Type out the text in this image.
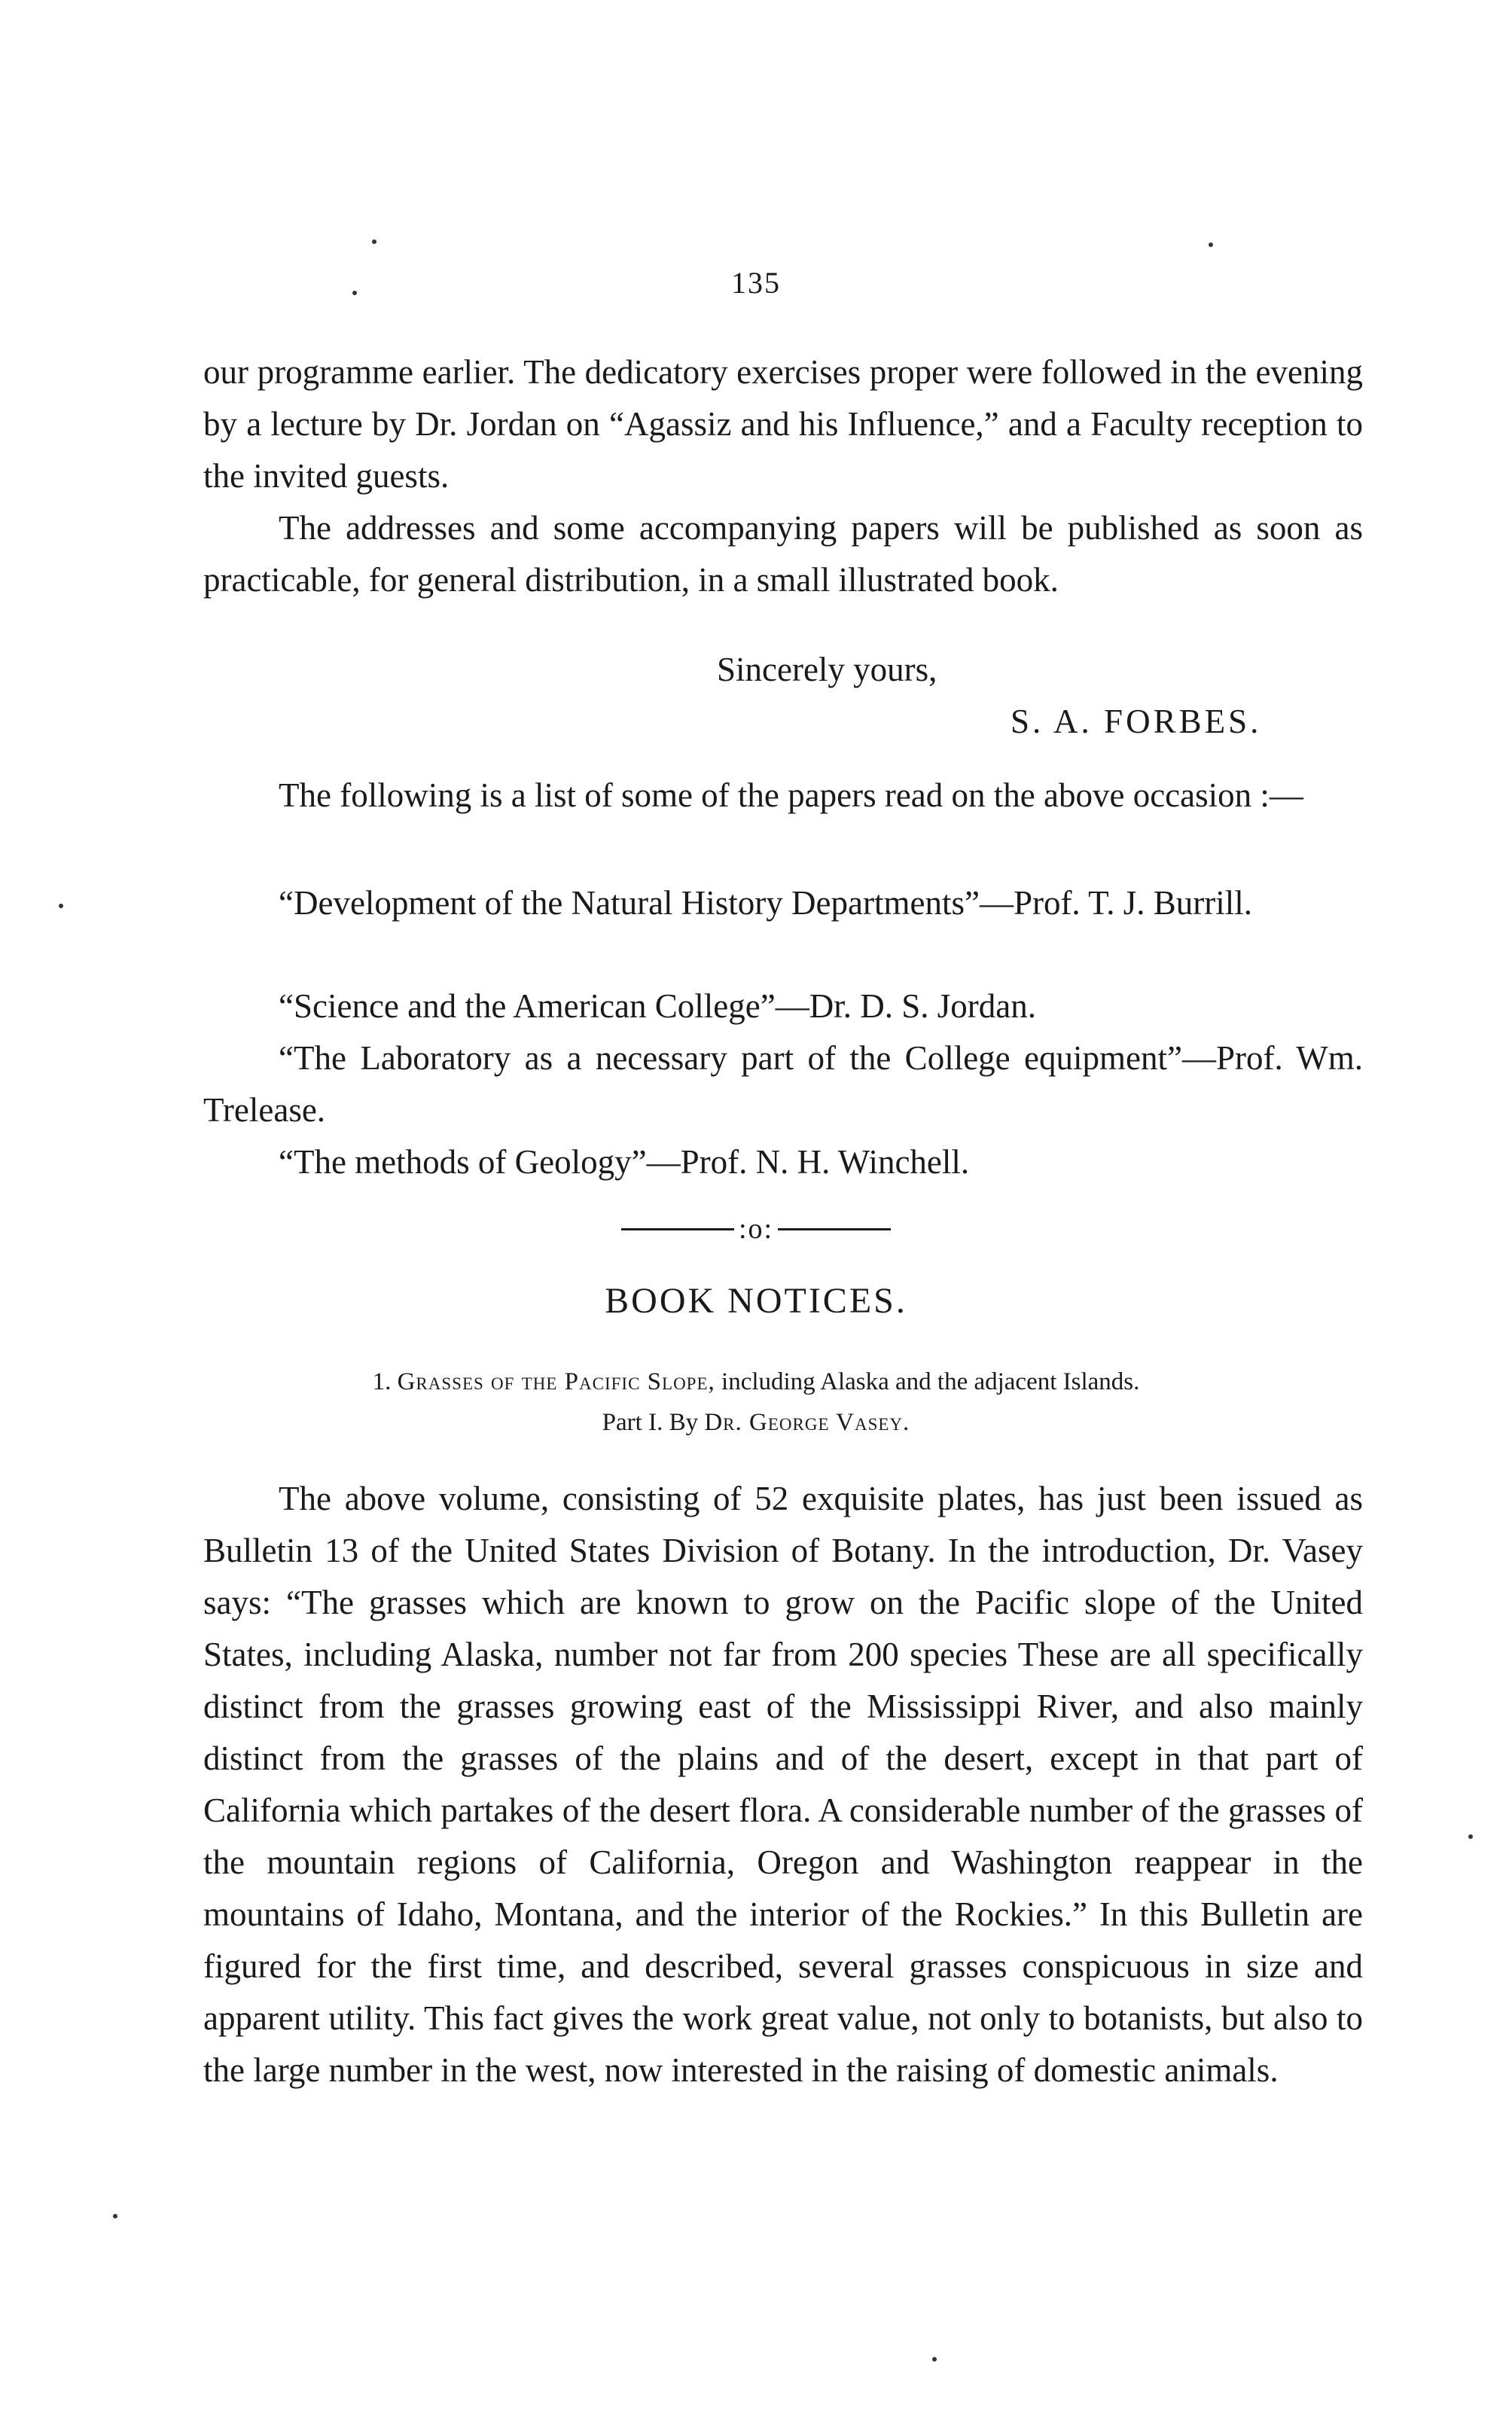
135

our programme earlier. The dedicatory exercises proper were followed in the evening by a lecture by Dr. Jordan on “Agassiz and his Influence,” and a Faculty reception to the invited guests.

The addresses and some accompanying papers will be published as soon as practicable, for general distribution, in a small illustrated book.

Sincerely yours,
S. A. FORBES.

The following is a list of some of the papers read on the above occasion :—

“Development of the Natural History Departments”—Prof. T. J. Burrill.

“Science and the American College”—Dr. D. S. Jordan.

“The Laboratory as a necessary part of the College equipment”—Prof. Wm. Trelease.

“The methods of Geology”—Prof. N. H. Winchell.

:o:
BOOK NOTICES.
1. Grasses of the Pacific Slope, including Alaska and the adjacent Islands.
Part I. By Dr. George Vasey.

The above volume, consisting of 52 exquisite plates, has just been issued as Bulletin 13 of the United States Division of Botany. In the introduction, Dr. Vasey says: “The grasses which are known to grow on the Pacific slope of the United States, including Alaska, number not far from 200 species These are all specifically distinct from the grasses growing east of the Mississippi River, and also mainly distinct from the grasses of the plains and of the desert, except in that part of California which partakes of the desert flora. A considerable number of the grasses of the mountain regions of California, Oregon and Washington reappear in the mountains of Idaho, Montana, and the interior of the Rockies.” In this Bulletin are figured for the first time, and described, several grasses conspicuous in size and apparent utility. This fact gives the work great value, not only to botanists, but also to the large number in the west, now interested in the raising of domestic animals.
